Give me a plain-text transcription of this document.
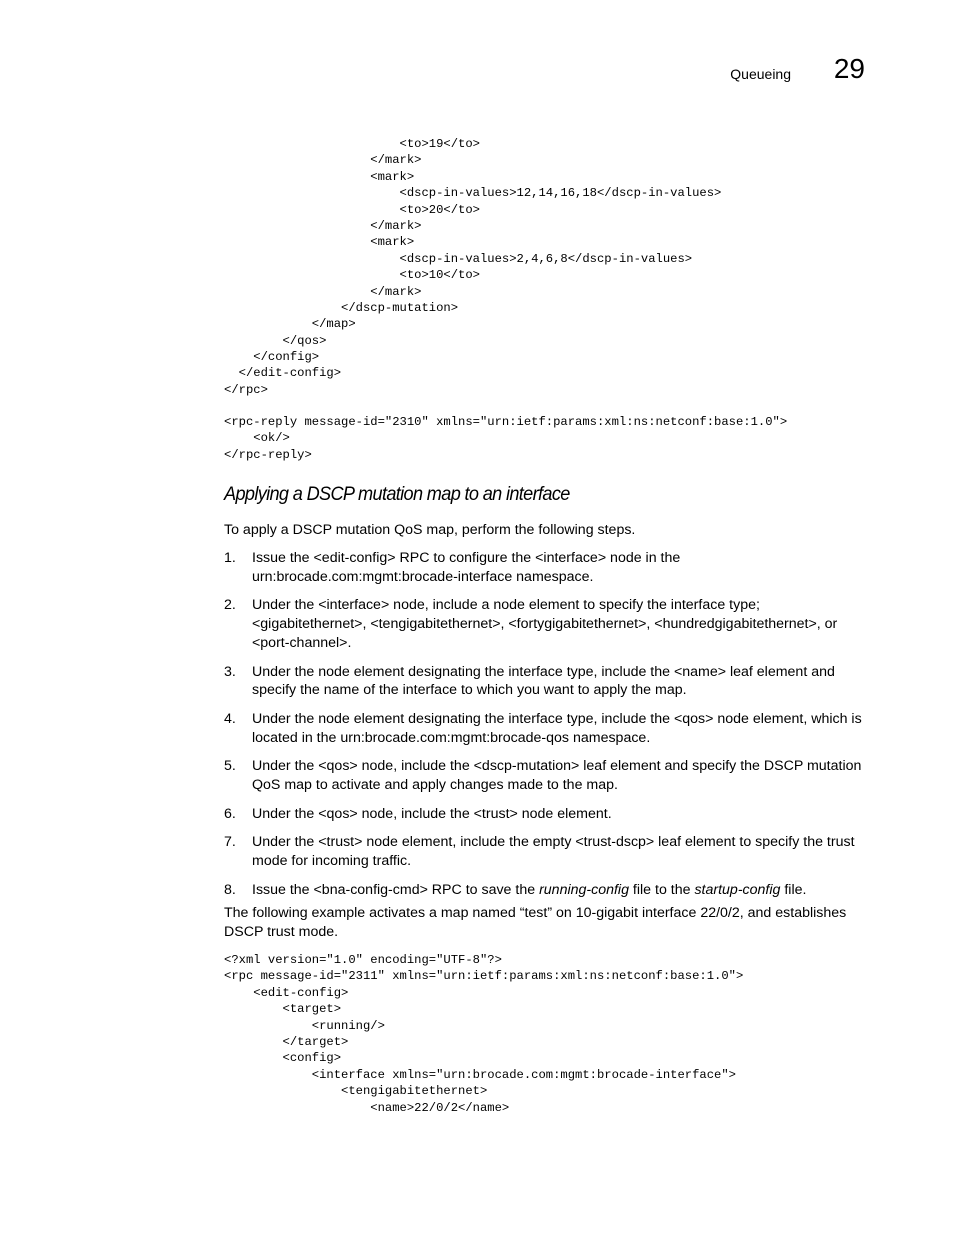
Queueing 29
<to>19</to>
</mark>
<mark>
<dscp-in-values>12,14,16,18</dscp-in-values>
<to>20</to>
</mark>
<mark>
<dscp-in-values>2,4,6,8</dscp-in-values>
<to>10</to>
</mark>
</dscp-mutation>
</map>
</qos>
</config>
</edit-config>
</rpc>
<rpc-reply message-id="2310" xmlns="urn:ietf:params:xml:ns:netconf:base:1.0">
<ok/>
</rpc-reply>
Applying a DSCP mutation map to an interface

To apply a DSCP mutation QoS map, perform the following steps.

1. Issue the <edit-config> RPC to configure the <interface> node in the urn:brocade.com:mgmt:brocade-interface namespace.
2. Under the <interface> node, include a node element to specify the interface type; <gigabitethernet>, <tengigabitethernet>, <fortygigabitethernet>, <hundredgigabitethernet>, or <port-channel>.
3. Under the node element designating the interface type, include the <name> leaf element and specify the name of the interface to which you want to apply the map.
4. Under the node element designating the interface type, include the <qos> node element, which is located in the urn:brocade.com:mgmt:brocade-qos namespace.
5. Under the <qos> node, include the <dscp-mutation> leaf element and specify the DSCP mutation QoS map to activate and apply changes made to the map.
6. Under the <qos> node, include the <trust> node element.
7. Under the <trust> node element, include the empty <trust-dscp> leaf element to specify the trust mode for incoming traffic.
8. Issue the <bna-config-cmd> RPC to save the running-config file to the startup-config file.

The following example activates a map named “test” on 10-gigabit interface 22/0/2, and establishes DSCP trust mode.

<?xml version="1.0" encoding="UTF-8"?>
<rpc message-id="2311" xmlns="urn:ietf:params:xml:ns:netconf:base:1.0">
<edit-config>
<target>
<running/>
</target>
<config>
<interface xmlns="urn:brocade.com:mgmt:brocade-interface">
<tengigabitethernet>
<name>22/0/2</name>
